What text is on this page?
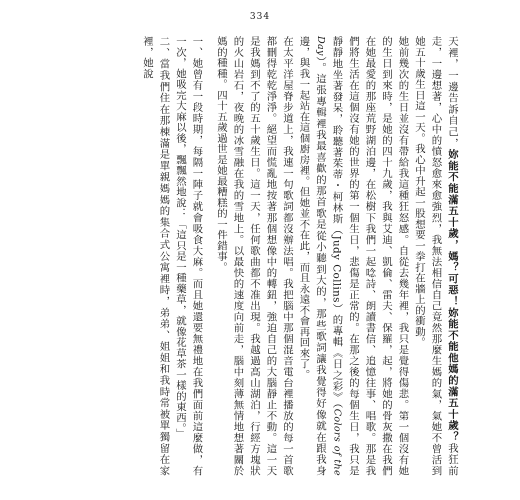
334

天裡，一邊告訴自己，妳能不能滿五十歲，媽？可惡！妳能不能他媽的滿五十歲？我狂前走，一邊想著，心中的憤怒愈來愈強烈，我無法相信自己竟然那麼生媽的氣，氣她不曾活到她五十歲生日這一天。我心中升起一股想要一拳打在牆上的衝動。

她前幾次的生日並沒有帶給我這種狂怒感。自從去幾年裡，我只是覺得傷悲。第一個沒有她的生日到來時，是她的四十九歲，我與艾迪、凱倫、雷夫、保羅，起，將她的骨灰撒在我們在她最愛的那座荒野湖泊邊，在松樹下我們一起唸詩、朗讀書信、追憶往事、唱歌。那是我們將生活在這個沒有她的世界的第一個生日，悲傷是正常的。在那之後的每個生日，我只是靜靜地坐著發呆，聆聽著茱蒂・柯林斯（Judy Collins）的專輯《日之彩》（Colors of the Day）。這張專輯裡我最喜歡的那首歌是從小聽到大的，那些歌詞讓我覺得好像就在跟我身邊，與我一起站在這個廚房裡。但她並不在此，而且永遠不會再回來了。

在太平洋屋脊步道上，我連一句歌詞都沒辦法唱。我把腦中那個混音電台裡播放的每一首歌都刪得乾乾淨淨。絕望而慌亂地按著那個想像中的轉鈕，強迫自己的大腦靜止不動。這一天是我媽到不了的五十歲生日。這一天，任何歌曲都不准出現。我越過高山湖泊，行經方塊狀的火山岩石，夜晚的冰雪融在我的雪地上。以最快的速度向前走，腦中刻薄無情地想著關於媽的種種。四十五歲過世是她最糟糕的一件錯事。

一、她曾有一段時期，每隔一陣子就會吸食大麻。而且她還要無禮地在我們面前這麼做，有一次，她吸完大麻以後，飄飄然地說：「這只是一種藥草，就像花草茶一樣的東西。」

二、當我們住在那棟滿是單親媽媽的集合式公寓裡時，弟弟、姐姐和我時常被單獨留在家裡，她說
